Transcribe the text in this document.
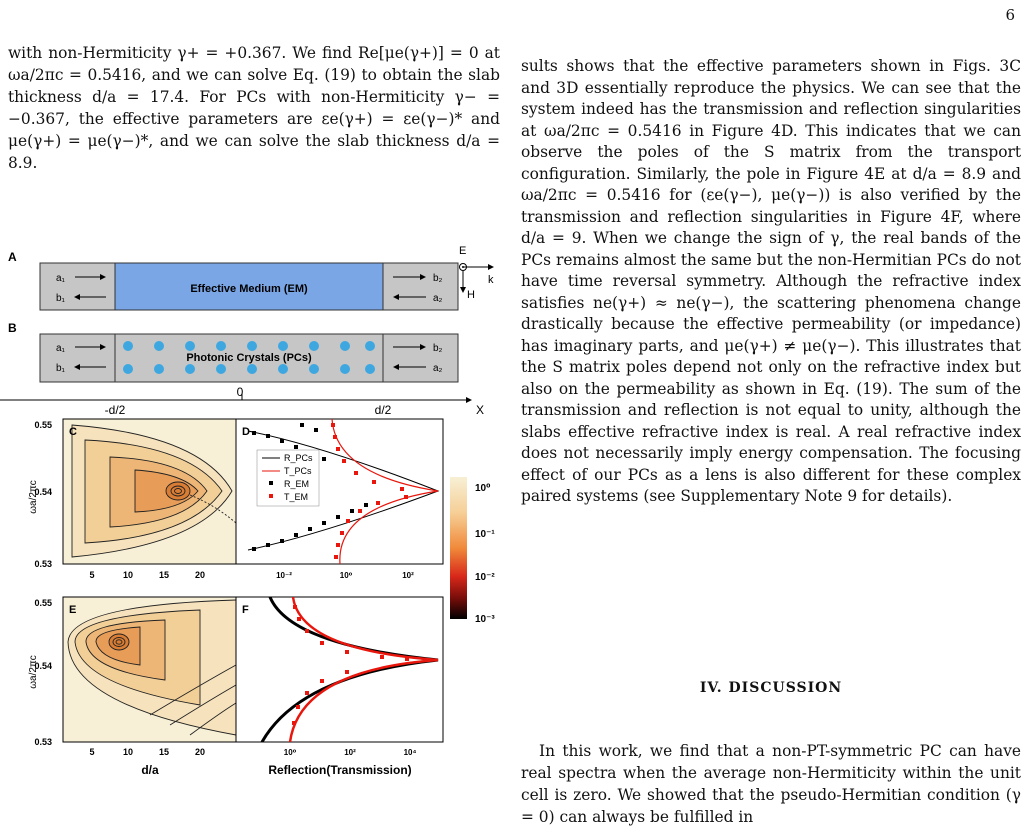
6

with non-Hermiticity γ+ = +0.367. We find Re[μe(γ+)] = 0 at ωa/2πc = 0.5416, and we can solve Eq. (19) to obtain the slab thickness d/a = 17.4. For PCs with non-Hermiticity γ− = −0.367, the effective parameters are εe(γ+) = εe(γ−)* and μe(γ+) = μe(γ−)*, and we can solve the slab thickness d/a = 8.9.

sults shows that the effective parameters shown in Figs. 3C and 3D essentially reproduce the physics. We can see that the system indeed has the transmission and reflection singularities at ωa/2πc = 0.5416 in Figure 4D. This indicates that we can observe the poles of the S matrix from the transport configuration. Similarly, the pole in Figure 4E at d/a = 8.9 and ωa/2πc = 0.5416 for (εe(γ−), μe(γ−)) is also verified by the transmission and reflection singularities in Figure 4F, where d/a = 9. When we change the sign of γ, the real bands of the PCs remains almost the same but the non-Hermitian PCs do not have time reversal symmetry. Although the refractive index satisfies ne(γ+) ≈ ne(γ−), the scattering phenomena change drastically because the effective permeability (or impedance) has imaginary parts, and μe(γ+) ≠ μe(γ−). This illustrates that the S matrix poles depend not only on the refractive index but also on the permeability as shown in Eq. (19). The sum of the transmission and reflection is not equal to unity, although the slabs effective refractive index is real. A real refractive index does not necessarily imply energy compensation. The focusing effect of our PCs as a lens is also different for these complex paired systems (see Supplementary Note 9 for details).

IV. DISCUSSION
In this work, we find that a non-PT-symmetric PC can have real spectra when the average non-Hermiticity within the unit cell is zero. We showed that the pseudo-Hermitian condition (γ = 0) can always be fulfilled in
A
Effective Medium (EM)
a₁
b₁
b₂
a₂
E
k
H
B
Photonic Crystals (PCs)
a₁
b₁
b₂
a₂
-d/2
0
d/2	X
0.55
0.54
0.53
C
5	10	15	20
ωa/2πc
D
R_PCs
T_PCs
R_EM
T_EM
10⁻²	10⁰	10²
10⁰
10⁻¹
10⁻²
10⁻³
0.55
0.54
0.53
E
5	10	15	20
ωa/2πc
d/a
F
10⁰	10²	10⁴
Reflection(Transmission)
